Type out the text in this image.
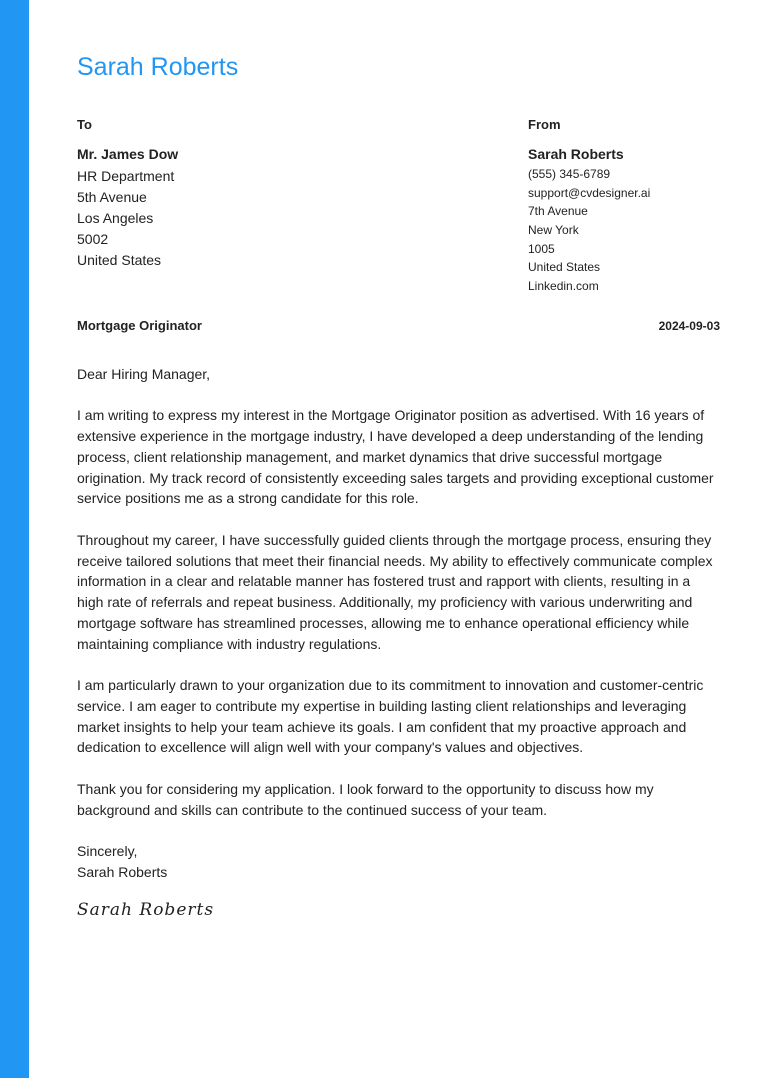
Sarah Roberts
To
Mr. James Dow
HR Department
5th Avenue
Los Angeles
5002
United States
From
Sarah Roberts
(555) 345-6789
support@cvdesigner.ai
7th Avenue
New York
1005
United States
Linkedin.com
Mortgage Originator	2024-09-03

Dear Hiring Manager,

I am writing to express my interest in the Mortgage Originator position as advertised. With 16 years of extensive experience in the mortgage industry, I have developed a deep understanding of the lending process, client relationship management, and market dynamics that drive successful mortgage origination. My track record of consistently exceeding sales targets and providing exceptional customer service positions me as a strong candidate for this role.

Throughout my career, I have successfully guided clients through the mortgage process, ensuring they receive tailored solutions that meet their financial needs. My ability to effectively communicate complex information in a clear and relatable manner has fostered trust and rapport with clients, resulting in a high rate of referrals and repeat business. Additionally, my proficiency with various underwriting and mortgage software has streamlined processes, allowing me to enhance operational efficiency while maintaining compliance with industry regulations.

I am particularly drawn to your organization due to its commitment to innovation and customer-centric service. I am eager to contribute my expertise in building lasting client relationships and leveraging market insights to help your team achieve its goals. I am confident that my proactive approach and dedication to excellence will align well with your company's values and objectives.

Thank you for considering my application. I look forward to the opportunity to discuss how my background and skills can contribute to the continued success of your team.

Sincerely,

Sarah Roberts

Sarah Roberts
